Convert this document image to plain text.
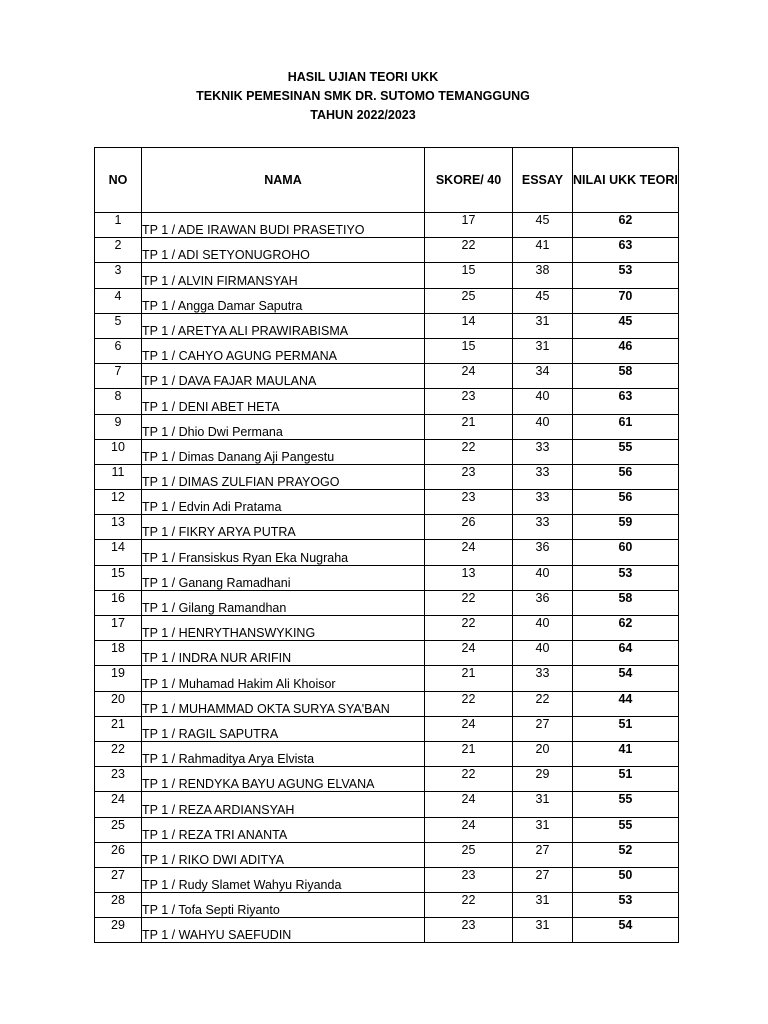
HASIL UJIAN TEORI UKK
TEKNIK PEMESINAN SMK DR. SUTOMO TEMANGGUNG
TAHUN 2022/2023
NO	NAMA	SKORE/ 40	ESSAY	NILAI UKK TEORI
1	TP 1 / ADE IRAWAN BUDI PRASETIYO	17	45	62
2	TP 1 / ADI SETYONUGROHO	22	41	63
3	TP 1 / ALVIN FIRMANSYAH	15	38	53
4	TP 1 / Angga Damar Saputra	25	45	70
5	TP 1 / ARETYA ALI PRAWIRABISMA	14	31	45
6	TP 1 / CAHYO AGUNG PERMANA	15	31	46
7	TP 1 / DAVA FAJAR MAULANA	24	34	58
8	TP 1 / DENI ABET HETA	23	40	63
9	TP 1 / Dhio Dwi Permana	21	40	61
10	TP 1 / Dimas Danang Aji Pangestu	22	33	55
11	TP 1 / DIMAS ZULFIAN PRAYOGO	23	33	56
12	TP 1 / Edvin Adi Pratama	23	33	56
13	TP 1 / FIKRY ARYA PUTRA	26	33	59
14	TP 1 / Fransiskus Ryan Eka Nugraha	24	36	60
15	TP 1 / Ganang Ramadhani	13	40	53
16	TP 1 / Gilang Ramandhan	22	36	58
17	TP 1 / HENRYTHANSWYKING	22	40	62
18	TP 1 / INDRA NUR ARIFIN	24	40	64
19	TP 1 / Muhamad Hakim Ali Khoisor	21	33	54
20	TP 1 / MUHAMMAD OKTA SURYA SYA'BAN	22	22	44
21	TP 1 / RAGIL SAPUTRA	24	27	51
22	TP 1 / Rahmaditya Arya Elvista	21	20	41
23	TP 1 / RENDYKA BAYU AGUNG ELVANA	22	29	51
24	TP 1 / REZA ARDIANSYAH	24	31	55
25	TP 1 / REZA TRI ANANTA	24	31	55
26	TP 1 / RIKO DWI ADITYA	25	27	52
27	TP 1 / Rudy Slamet Wahyu Riyanda	23	27	50
28	TP 1 / Tofa Septi Riyanto	22	31	53
29	TP 1 / WAHYU SAEFUDIN	23	31	54
